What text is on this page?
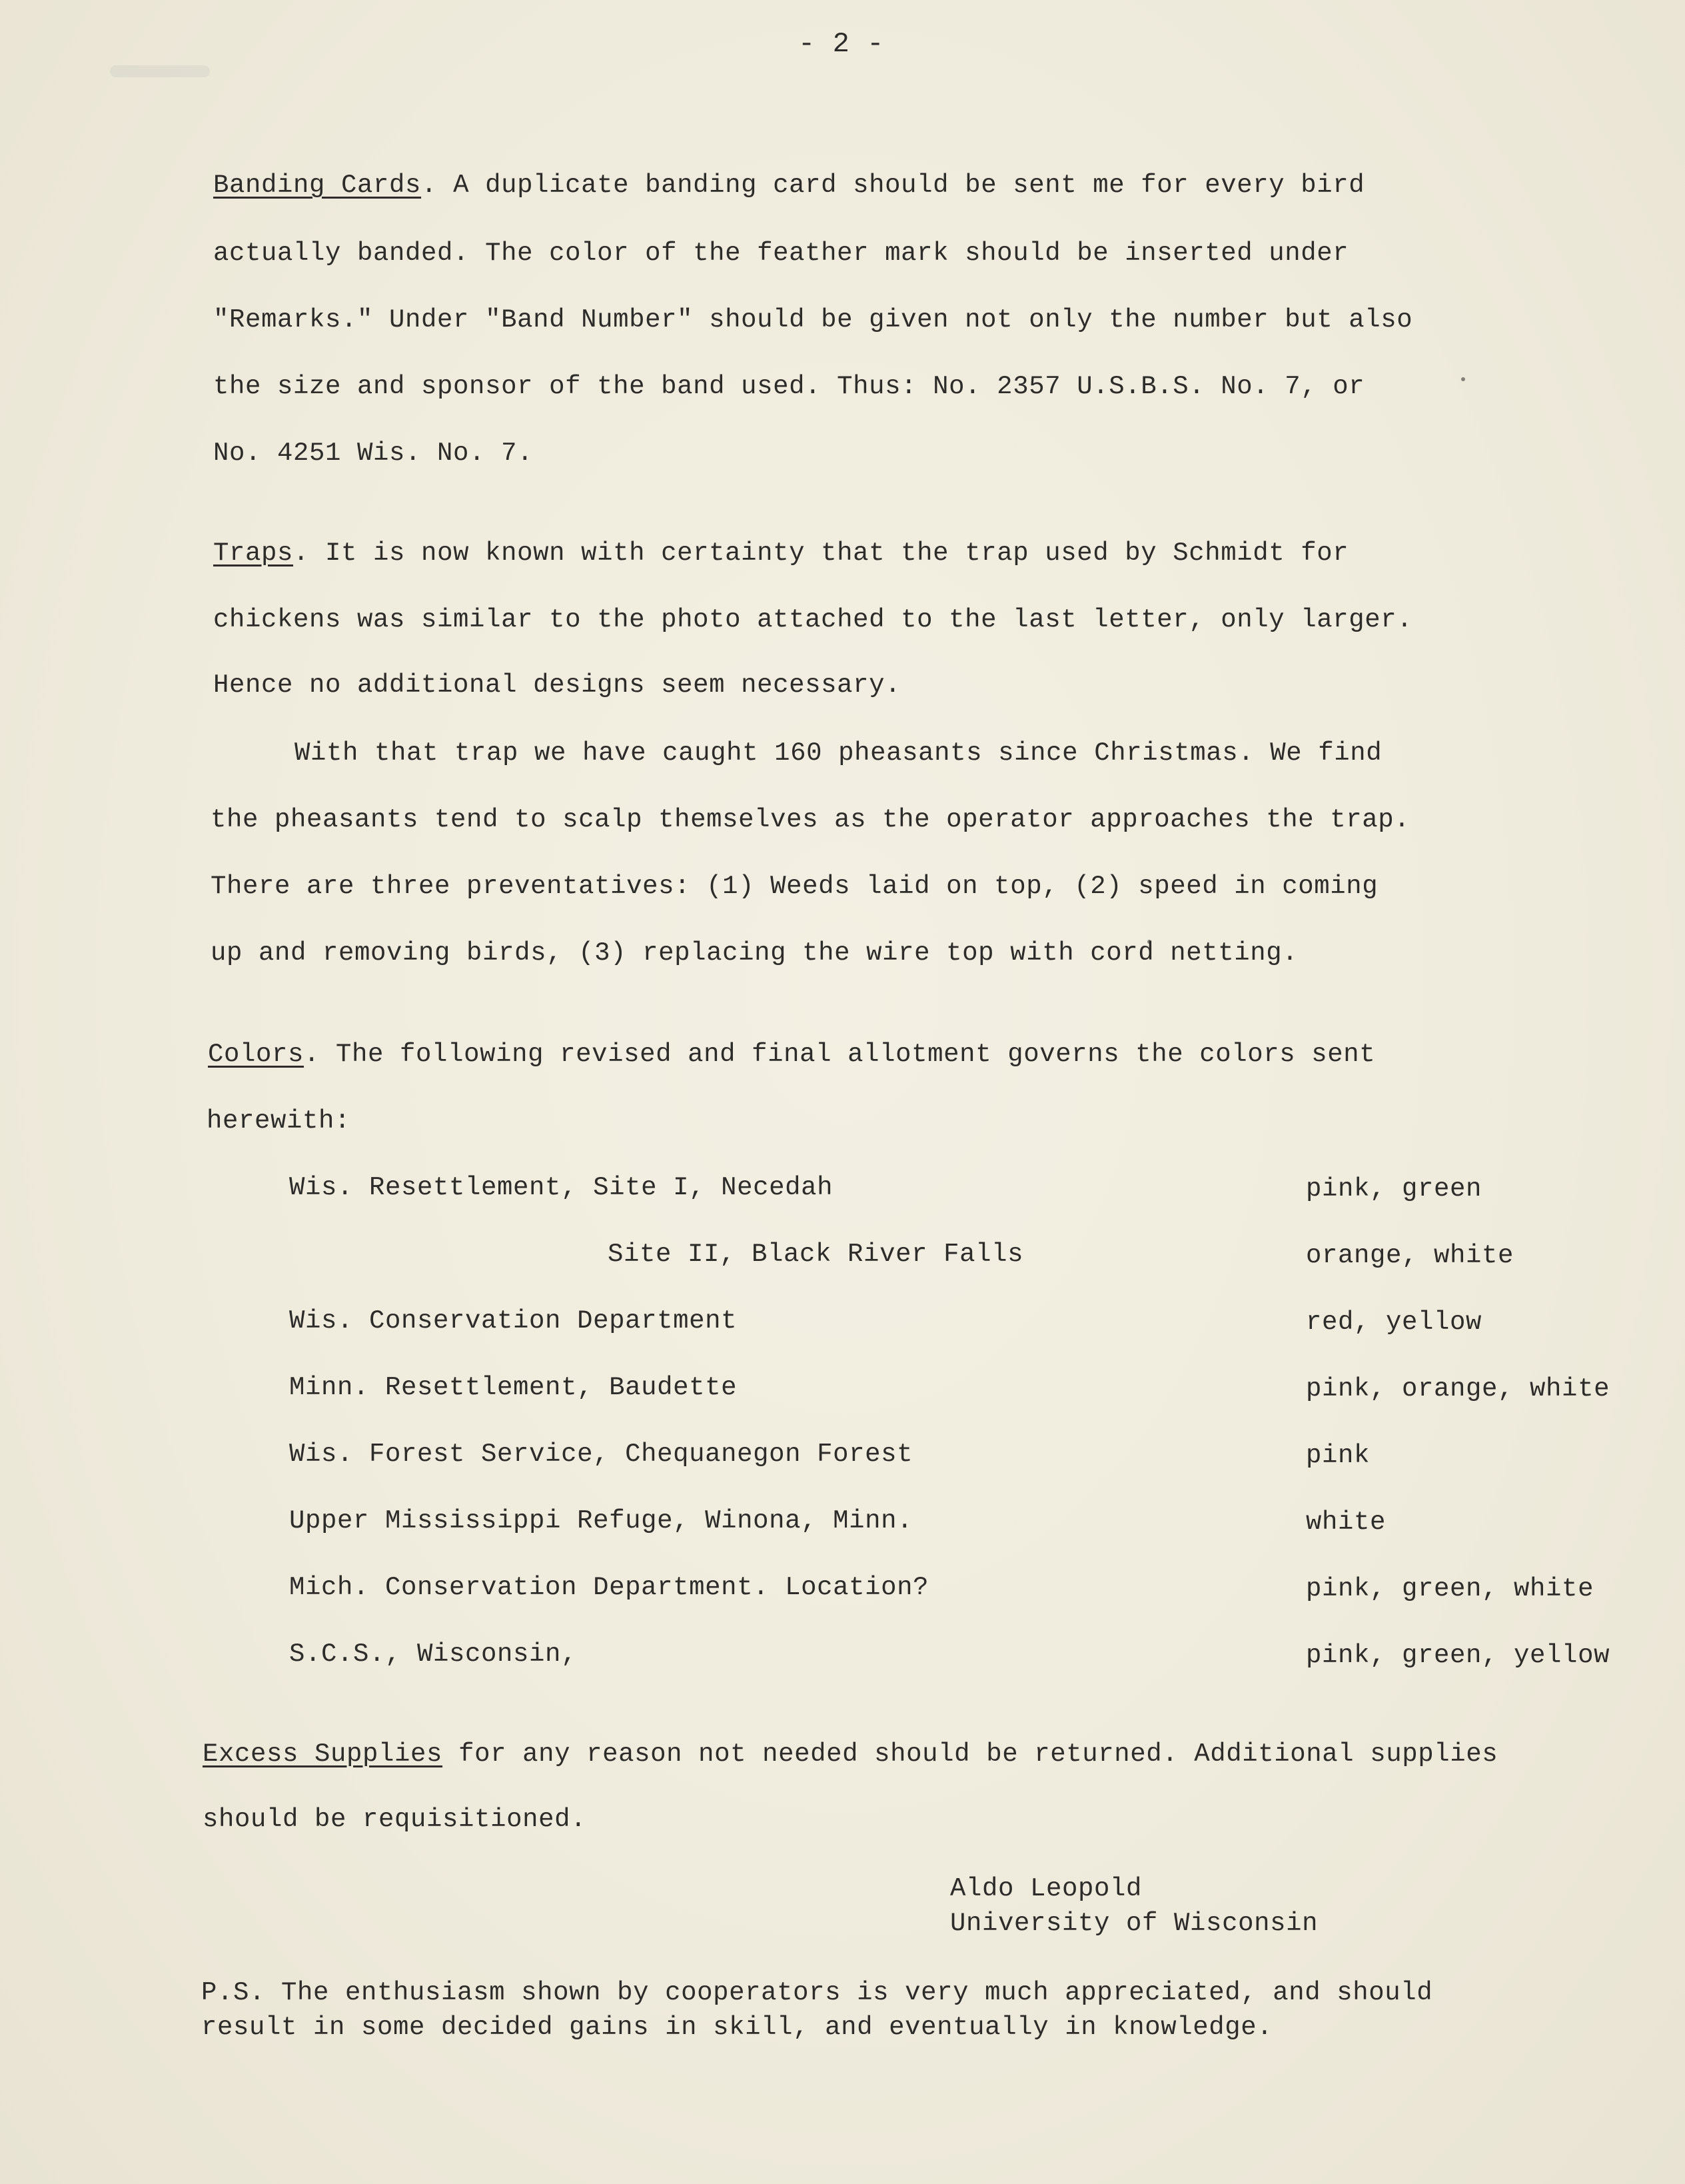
- 2 -
Banding Cards. A duplicate banding card should be sent me for every bird
actually banded. The color of the feather mark should be inserted under
"Remarks." Under "Band Number" should be given not only the number but also
the size and sponsor of the band used. Thus: No. 2357 U.S.B.S. No. 7, or
No. 4251 Wis. No. 7.
Traps. It is now known with certainty that the trap used by Schmidt for
chickens was similar to the photo attached to the last letter, only larger.
Hence no additional designs seem necessary.
With that trap we have caught 160 pheasants since Christmas. We find
the pheasants tend to scalp themselves as the operator approaches the trap.
There are three preventatives: (1) Weeds laid on top, (2) speed in coming
up and removing birds, (3) replacing the wire top with cord netting.
Colors. The following revised and final allotment governs the colors sent
herewith:
Wis. Resettlement, Site I, Necedah	pink, green
Site II, Black River Falls	orange, white
Wis. Conservation Department	red, yellow
Minn. Resettlement, Baudette	pink, orange, white
Wis. Forest Service, Chequanegon Forest	pink
Upper Mississippi Refuge, Winona, Minn.	white
Mich. Conservation Department. Location?	pink, green, white
S.C.S., Wisconsin,	pink, green, yellow
Excess Supplies for any reason not needed should be returned. Additional supplies
should be requisitioned.
Aldo Leopold
University of Wisconsin
P.S. The enthusiasm shown by cooperators is very much appreciated, and should
result in some decided gains in skill, and eventually in knowledge.
